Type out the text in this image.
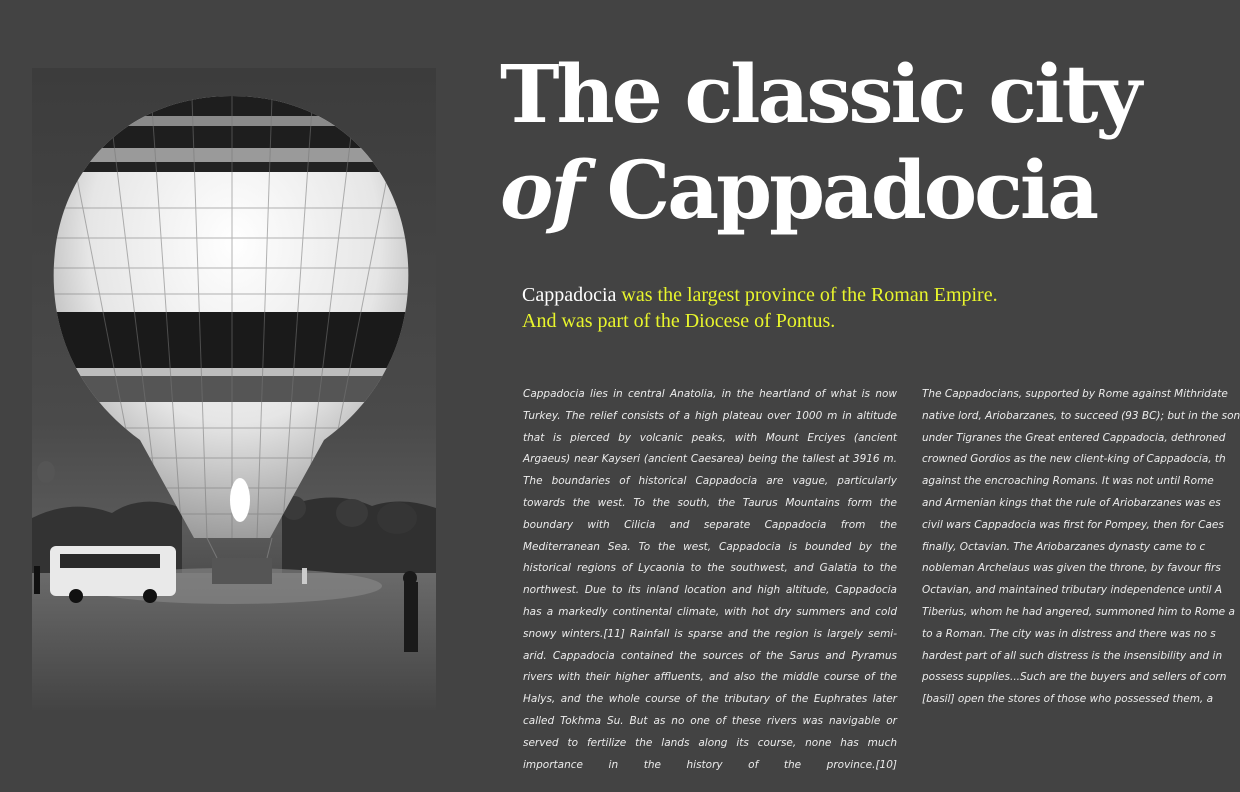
The classic city
of Cappadocia

Cappadocia was the largest province of the Roman Empire.
And was part of the Diocese of Pontus.

Cappadocia lies in central Anatolia, in the heartland of what is now Turkey. The relief consists of a high plateau over 1000 m in altitude that is pierced by volcanic peaks, with Mount Erciyes (ancient Argaeus) near Kayseri (ancient Caesarea) being the tallest at 3916 m. The boundaries of historical Cappadocia are vague, particularly towards the west. To the south, the Taurus Mountains form the boundary with Cilicia and separate Cappadocia from the Mediterranean Sea. To the west, Cappadocia is bounded by the historical regions of Lycaonia to the southwest, and Galatia to the northwest. Due to its inland location and high altitude, Cappadocia has a markedly continental climate, with hot dry summers and cold snowy winters.[11] Rainfall is sparse and the region is largely semi-arid. Cappadocia contained the sources of the Sarus and Pyramus rivers with their higher affluents, and also the middle course of the Halys, and the whole course of the tributary of the Euphrates later called Tokhma Su. But as no one of these rivers was navigable or served to fertilize the lands along its course, none has much importance in the history of the province.[10]

The Cappadocians, supported by Rome against Mithridate
native lord, Ariobarzanes, to succeed (93 BC); but in the son
under Tigranes the Great entered Cappadocia, dethroned
crowned Gordios as the new client-king of Cappadocia, th
against the encroaching Romans. It was not until Rome
and Armenian kings that the rule of Ariobarzanes was es
civil wars Cappadocia was first for Pompey, then for Caes
finally, Octavian. The Ariobarzanes dynasty came to c
nobleman Archelaus was given the throne, by favour firs
Octavian, and maintained tributary independence until A
Tiberius, whom he had angered, summoned him to Rome a
to a Roman. The city was in distress and there was no s
hardest part of all such distress is the insensibility and in
possess supplies...Such are the buyers and sellers of corn
[basil] open the stores of those who possessed them, a
